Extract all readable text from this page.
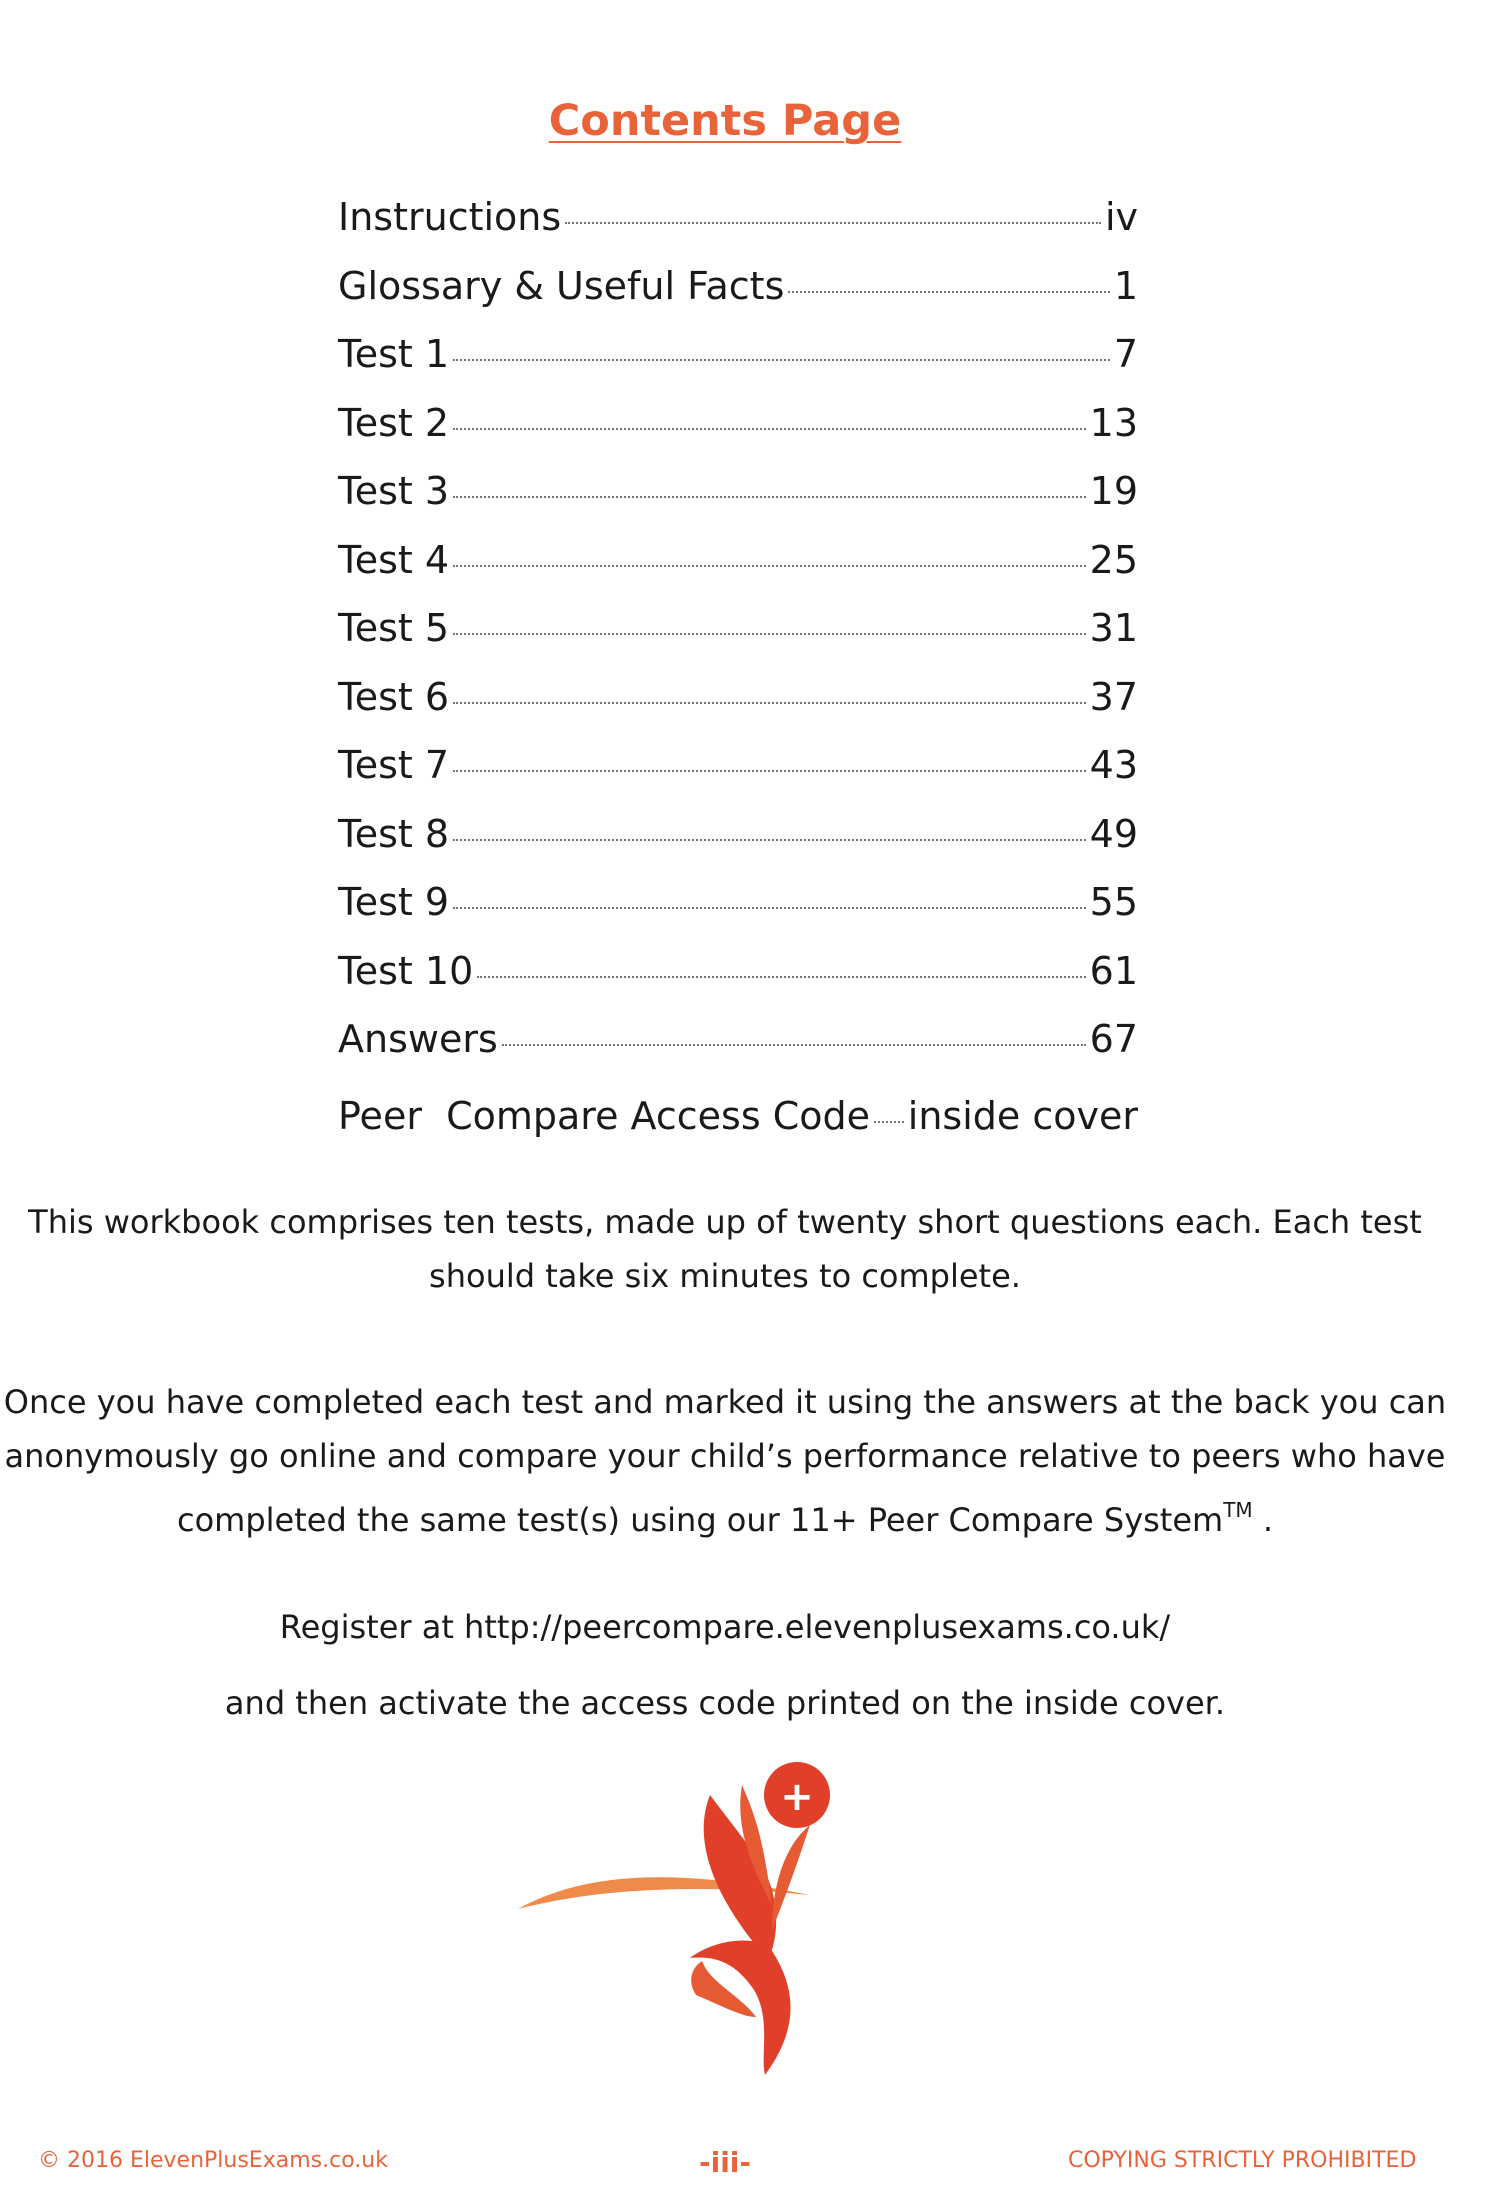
Contents Page
Instructions	iv
Glossary & Useful Facts	1
Test 1	7
Test 2	13
Test 3	19
Test 4	25
Test 5	31
Test 6	37
Test 7	43
Test 8	49
Test 9	55
Test 10	61
Answers	67
Peer  Compare Access Code inside cover
This workbook comprises ten tests, made up of twenty short questions each. Each test
should take six minutes to complete.
Once you have completed each test and marked it using the answers at the back you can
anonymously go online and compare your child’s performance relative to peers who have
completed the same test(s) using our 11+ Peer Compare System™ .
Register at http://peercompare.elevenplusexams.co.uk/
and then activate the access code printed on the inside cover.
+
© 2016 ElevenPlusExams.co.uk	-iii-	COPYING STRICTLY PROHIBITED
